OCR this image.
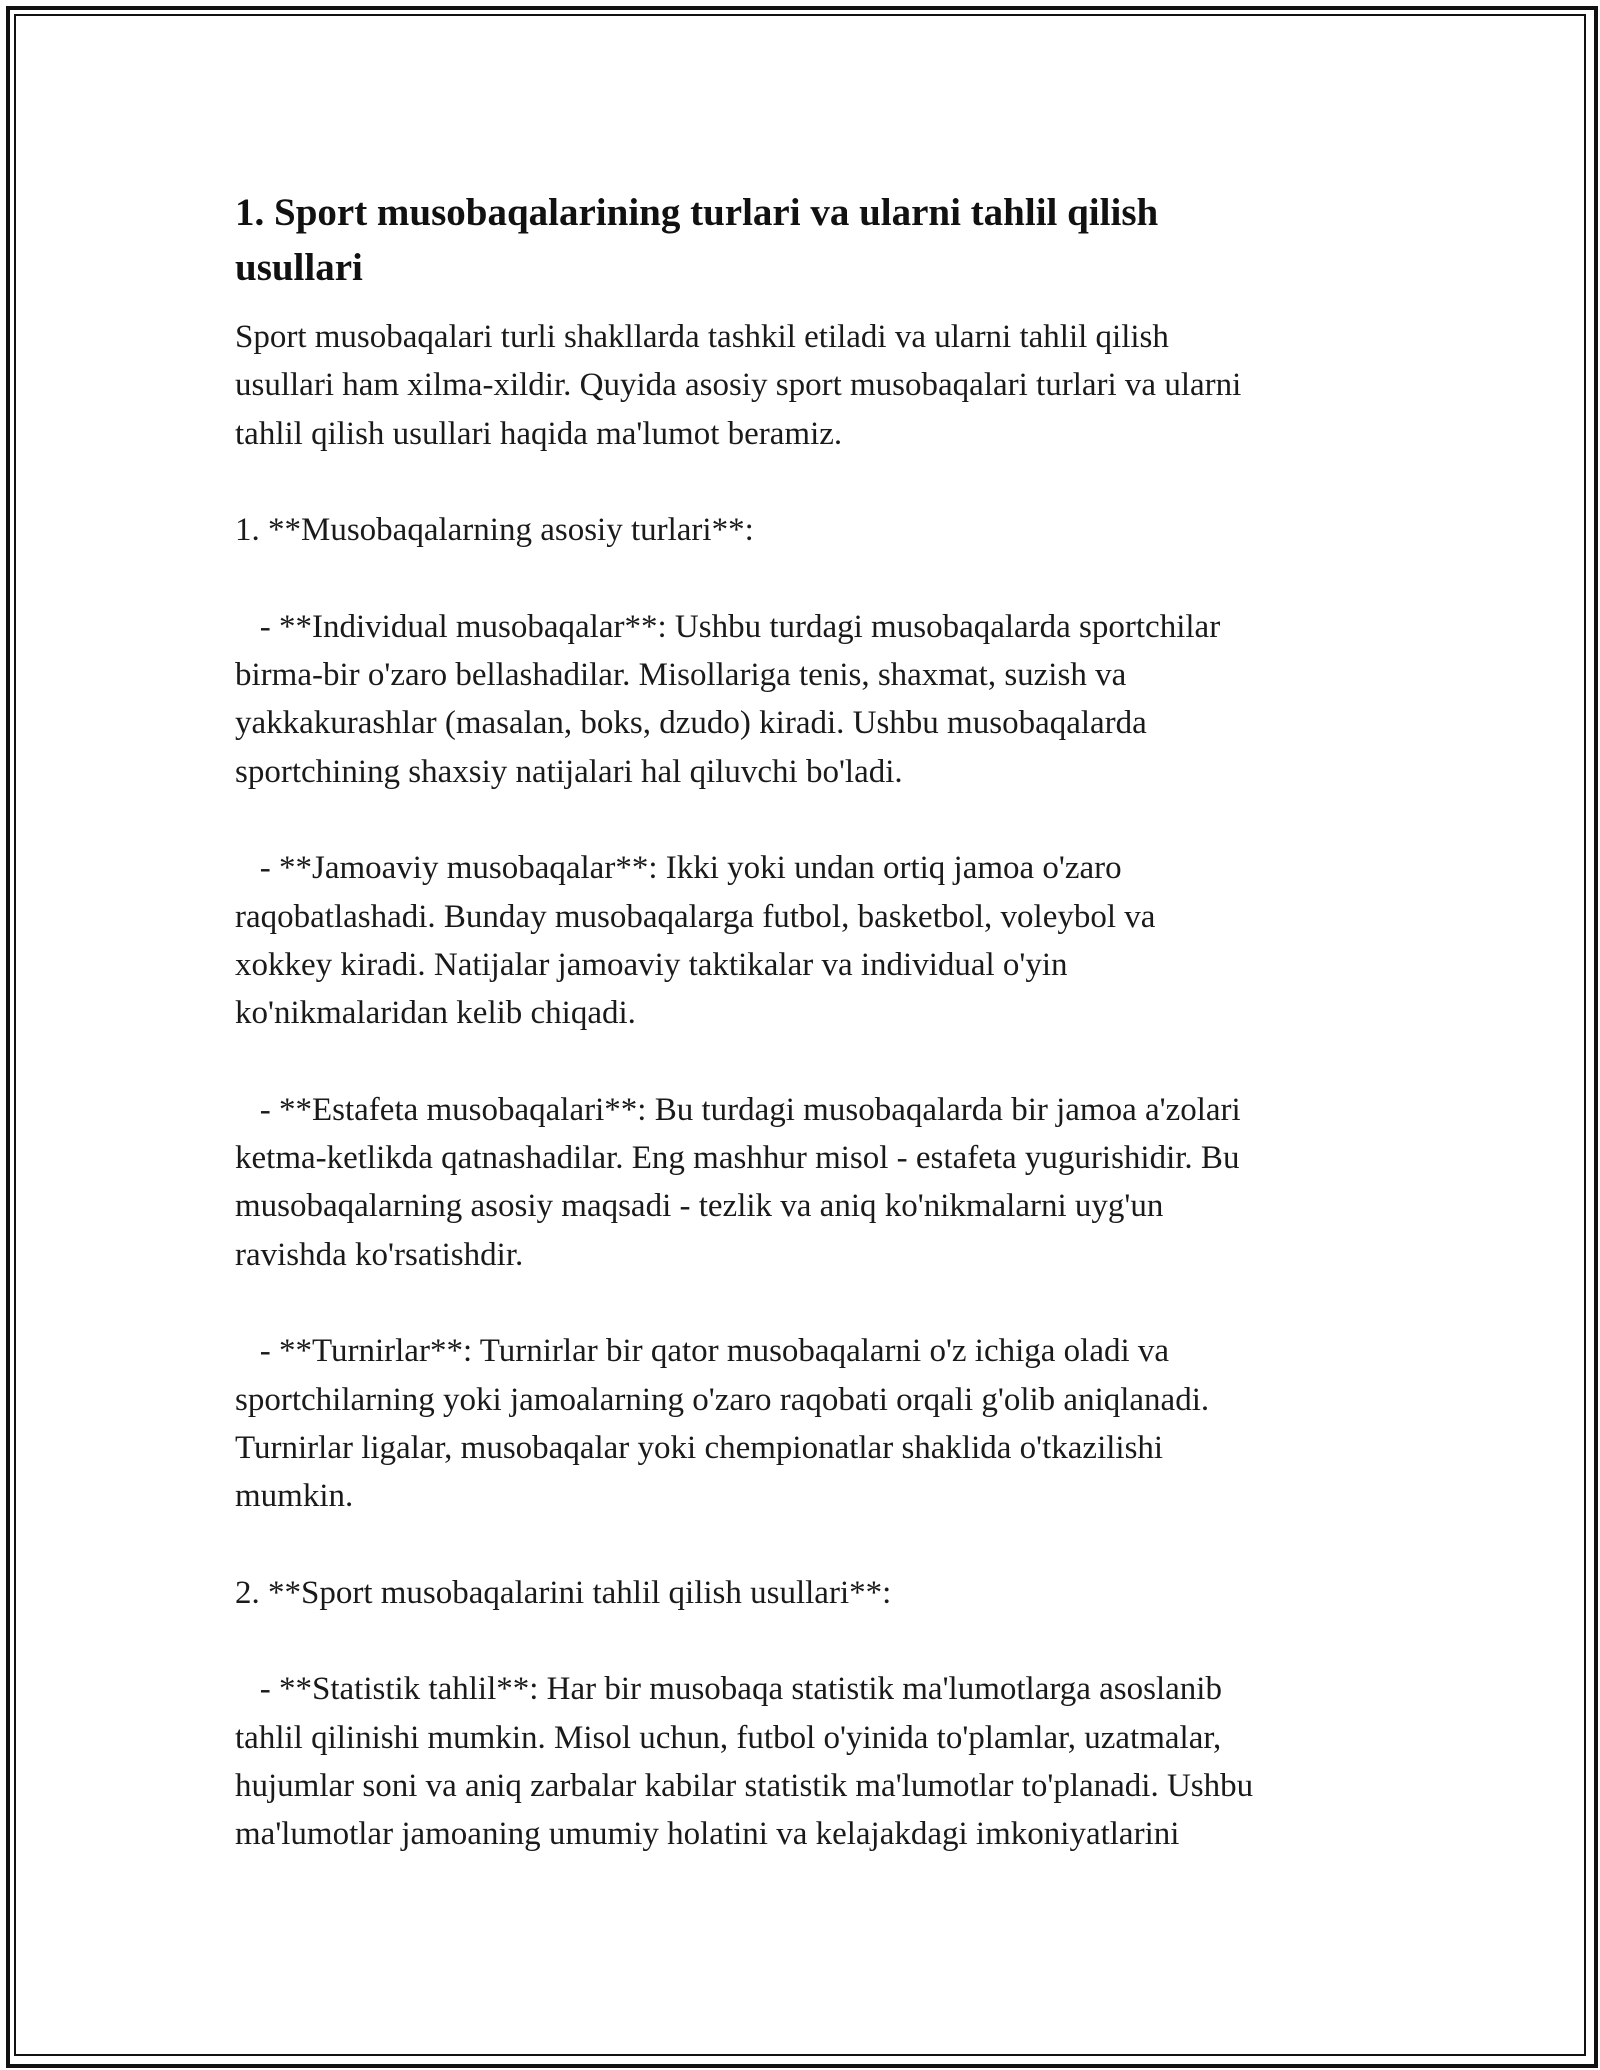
1. Sport musobaqalarining turlari va ularni tahlil qilish
usullari
Sport musobaqalari turli shakllarda tashkil etiladi va ularni tahlil qilish
usullari ham xilma-xildir. Quyida asosiy sport musobaqalari turlari va ularni
tahlil qilish usullari haqida ma'lumot beramiz.
1. **Musobaqalarning asosiy turlari**:
- **Individual musobaqalar**: Ushbu turdagi musobaqalarda sportchilar
birma-bir o'zaro bellashadilar. Misollariga tenis, shaxmat, suzish va
yakkakurashlar (masalan, boks, dzudo) kiradi. Ushbu musobaqalarda
sportchining shaxsiy natijalari hal qiluvchi bo'ladi.
- **Jamoaviy musobaqalar**: Ikki yoki undan ortiq jamoa o'zaro
raqobatlashadi. Bunday musobaqalarga futbol, basketbol, voleybol va
xokkey kiradi. Natijalar jamoaviy taktikalar va individual o'yin
ko'nikmalaridan kelib chiqadi.
- **Estafeta musobaqalari**: Bu turdagi musobaqalarda bir jamoa a'zolari
ketma-ketlikda qatnashadilar. Eng mashhur misol - estafeta yugurishidir. Bu
musobaqalarning asosiy maqsadi - tezlik va aniq ko'nikmalarni uyg'un
ravishda ko'rsatishdir.
- **Turnirlar**: Turnirlar bir qator musobaqalarni o'z ichiga oladi va
sportchilarning yoki jamoalarning o'zaro raqobati orqali g'olib aniqlanadi.
Turnirlar ligalar, musobaqalar yoki chempionatlar shaklida o'tkazilishi
mumkin.
2. **Sport musobaqalarini tahlil qilish usullari**:
- **Statistik tahlil**: Har bir musobaqa statistik ma'lumotlarga asoslanib
tahlil qilinishi mumkin. Misol uchun, futbol o'yinida to'plamlar, uzatmalar,
hujumlar soni va aniq zarbalar kabilar statistik ma'lumotlar to'planadi. Ushbu
ma'lumotlar jamoaning umumiy holatini va kelajakdagi imkoniyatlarini
